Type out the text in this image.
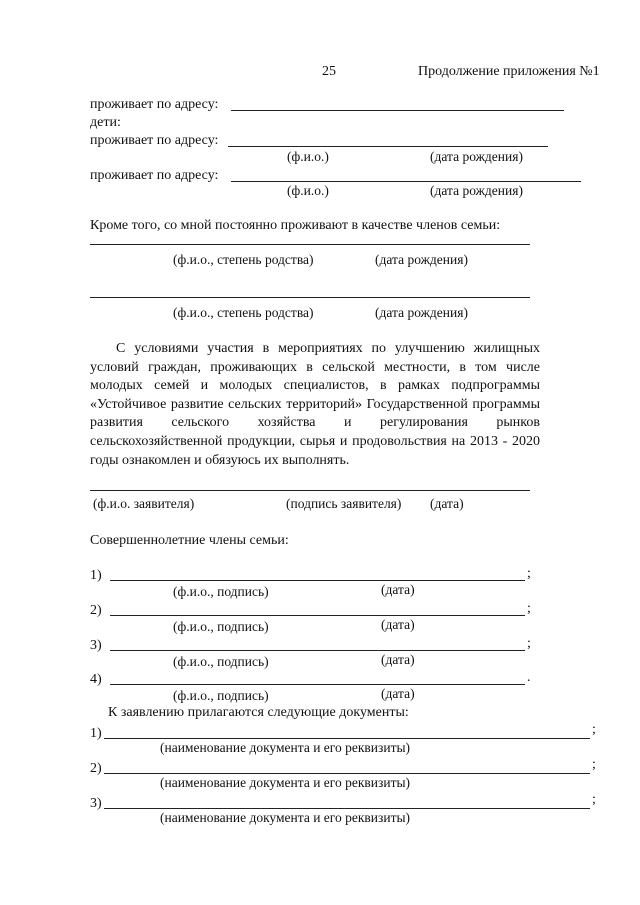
25	Продолжение приложения №1
проживает по адресу:
дети:
проживает по адресу:
(ф.и.о.)	(дата рождения)
проживает по адресу:
(ф.и.о.)	(дата рождения)
Кроме того, со мной постоянно проживают в качестве членов семьи:
(ф.и.о., степень родства)	(дата рождения)
(ф.и.о., степень родства)	(дата рождения)
С условиями участия в мероприятиях по улучшению жилищных условий граждан, проживающих в сельской местности, в том числе молодых семей и молодых специалистов, в рамках подпрограммы «Устойчивое развитие сельских территорий» Государственной программы развития сельского хозяйства и регулирования рынков сельскохозяйственной продукции, сырья и продовольствия на 2013 - 2020 годы ознакомлен и обязуюсь их выполнять.
(ф.и.о. заявителя)	(подпись заявителя) (дата)
Совершеннолетние члены семьи:
1)	;
(ф.и.о., подпись)	(дата)
2)	;
(ф.и.о., подпись)	(дата)
3)	;
(ф.и.о., подпись)	(дата)
4)	.
(ф.и.о., подпись)	(дата)
К заявлению прилагаются следующие документы:
1)	;
(наименование документа и его реквизиты)
2)	;
(наименование документа и его реквизиты)
3)	;
(наименование документа и его реквизиты)
